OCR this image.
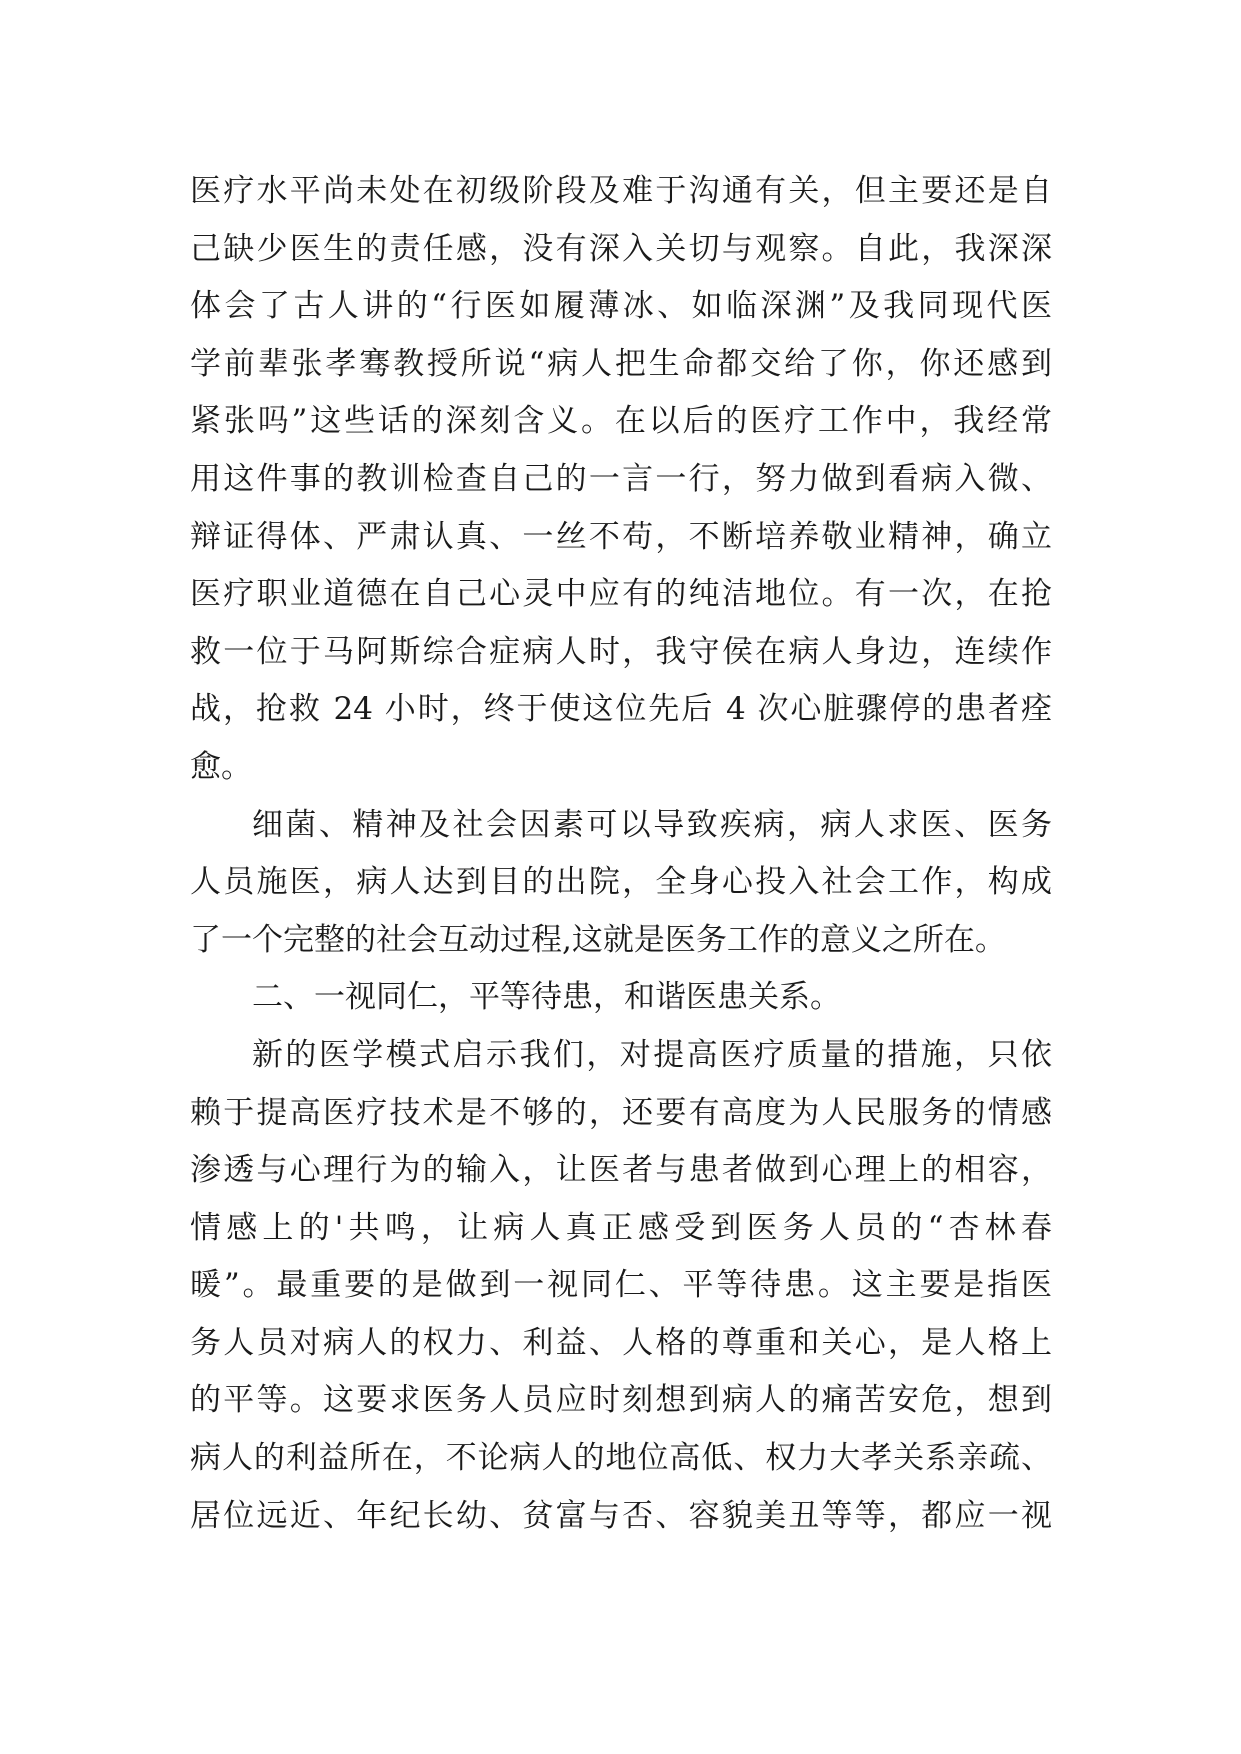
医疗水平尚未处在初级阶段及难于沟通有关，但主要还是自
己缺少医生的责任感，没有深入关切与观察。自此，我深深
体会了古人讲的“行医如履薄冰、如临深渊”及我同现代医
学前辈张孝骞教授所说“病人把生命都交给了你，你还感到
紧张吗”这些话的深刻含义。在以后的医疗工作中，我经常
用这件事的教训检查自己的一言一行，努力做到看病入微、
辩证得体、严肃认真、一丝不苟，不断培养敬业精神，确立
医疗职业道德在自己心灵中应有的纯洁地位。有一次，在抢
救一位于马阿斯综合症病人时，我守侯在病人身边，连续作
战，抢救 24 小时，终于使这位先后 4 次心脏骤停的患者痊
愈。
细菌、精神及社会因素可以导致疾病，病人求医、医务
人员施医，病人达到目的出院，全身心投入社会工作，构成
了一个完整的社会互动过程,这就是医务工作的意义之所在。
二、一视同仁，平等待患，和谐医患关系。
新的医学模式启示我们，对提高医疗质量的措施，只依
赖于提高医疗技术是不够的，还要有高度为人民服务的情感
渗透与心理行为的输入，让医者与患者做到心理上的相容，
情感上的'共鸣，让病人真正感受到医务人员的“杏林春
暖”。最重要的是做到一视同仁、平等待患。这主要是指医
务人员对病人的权力、利益、人格的尊重和关心，是人格上
的平等。这要求医务人员应时刻想到病人的痛苦安危，想到
病人的利益所在，不论病人的地位高低、权力大孝关系亲疏、
居位远近、年纪长幼、贫富与否、容貌美丑等等，都应一视
